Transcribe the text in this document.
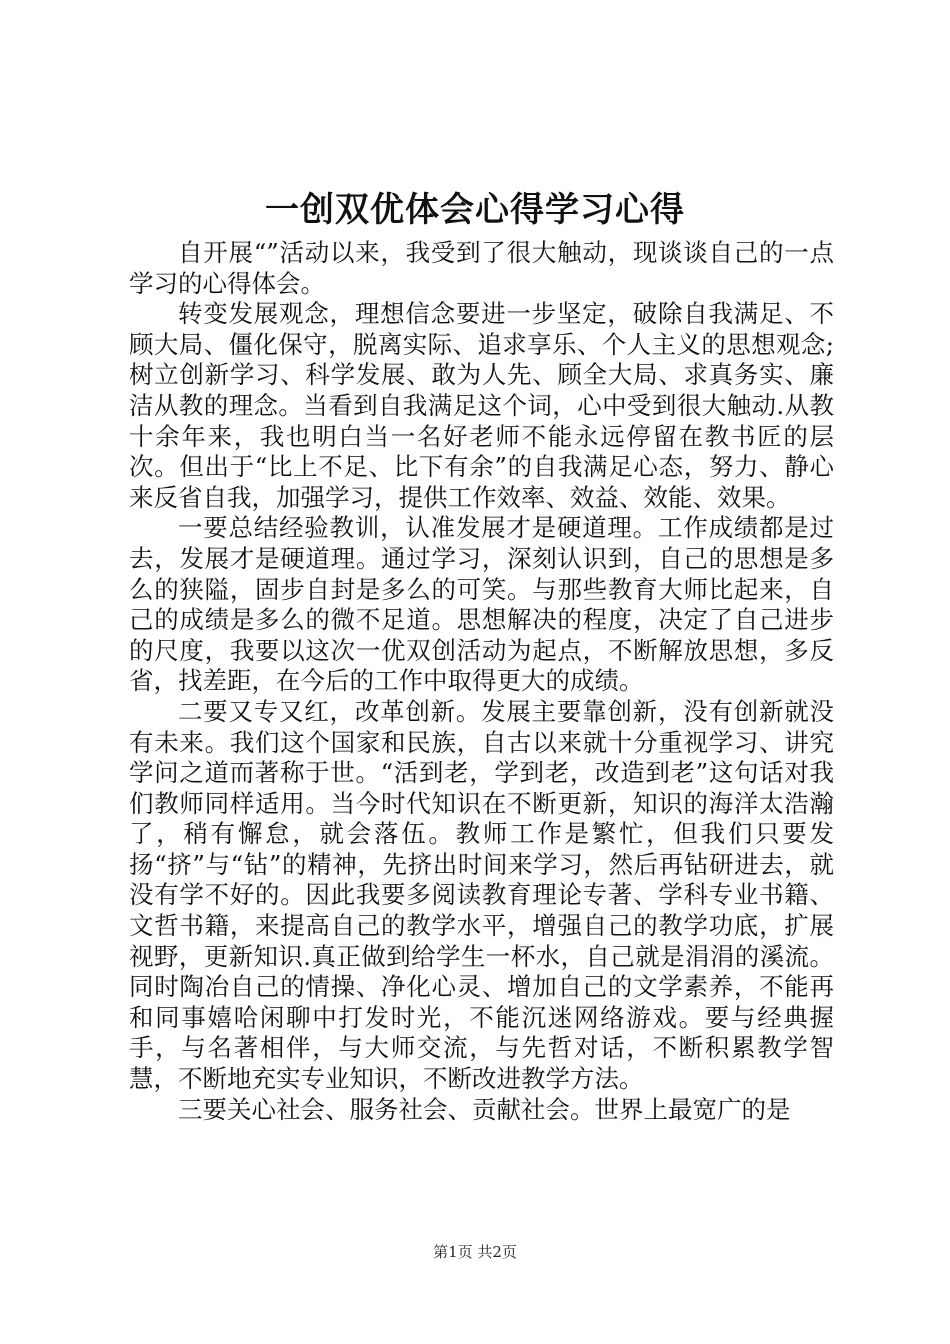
一创双优体会心得学习心得

自开展“”活动以来，我受到了很大触动，现谈谈自己的一点学习的心得体会。

转变发展观念，理想信念要进一步坚定，破除自我满足、不顾大局、僵化保守，脱离实际、追求享乐、个人主义的思想观念;树立创新学习、科学发展、敢为人先、顾全大局、求真务实、廉洁从教的理念。当看到自我满足这个词，心中受到很大触动.从教十余年来，我也明白当一名好老师不能永远停留在教书匠的层次。但出于“比上不足、比下有余”的自我满足心态，努力、静心来反省自我，加强学习，提供工作效率、效益、效能、效果。

一要总结经验教训，认准发展才是硬道理。工作成绩都是过去，发展才是硬道理。通过学习，深刻认识到，自己的思想是多么的狭隘，固步自封是多么的可笑。与那些教育大师比起来，自己的成绩是多么的微不足道。思想解决的程度，决定了自己进步的尺度，我要以这次一优双创活动为起点，不断解放思想，多反省，找差距，在今后的工作中取得更大的成绩。

二要又专又红，改革创新。发展主要靠创新，没有创新就没有未来。我们这个国家和民族，自古以来就十分重视学习、讲究学问之道而著称于世。“活到老，学到老，改造到老”这句话对我们教师同样适用。当今时代知识在不断更新，知识的海洋太浩瀚了，稍有懈怠，就会落伍。教师工作是繁忙，但我们只要发扬“挤”与“钻”的精神，先挤出时间来学习，然后再钻研进去，就没有学不好的。因此我要多阅读教育理论专著、学科专业书籍、文哲书籍，来提高自己的教学水平，增强自己的教学功底，扩展视野，更新知识.真正做到给学生一杯水，自己就是涓涓的溪流。同时陶冶自己的情操、净化心灵、增加自己的文学素养，不能再和同事嬉哈闲聊中打发时光，不能沉迷网络游戏。要与经典握手，与名著相伴，与大师交流，与先哲对话，不断积累教学智慧，不断地充实专业知识，不断改进教学方法。

三要关心社会、服务社会、贡献社会。世界上最宽广的是

第1页 共2页
